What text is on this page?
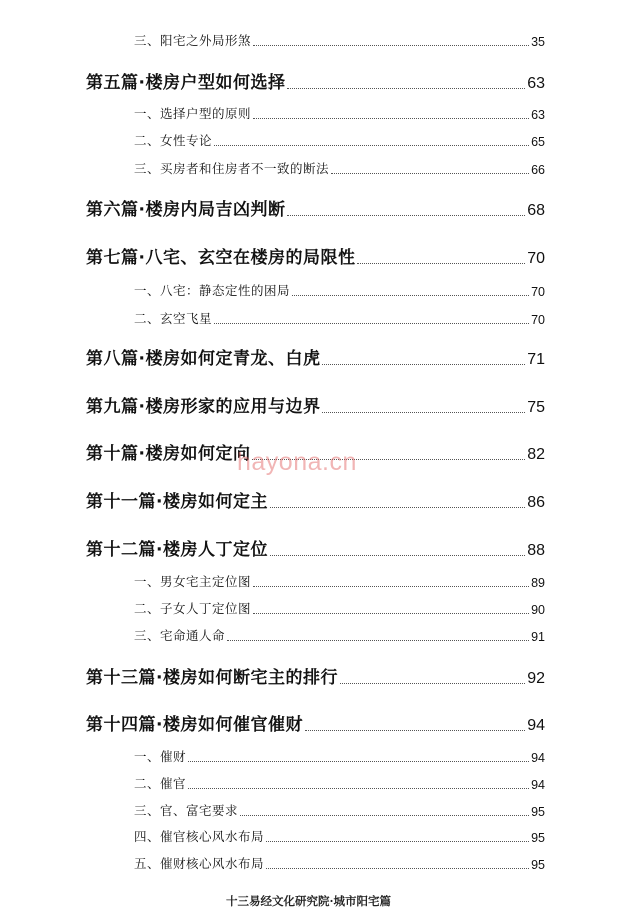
三、阳宅之外局形煞	35
第五篇·楼房户型如何选择	63
一、选择户型的原则	63
二、女性专论	65
三、买房者和住房者不一致的断法	66
第六篇·楼房内局吉凶判断	68
第七篇·八宅、玄空在楼房的局限性	70
一、八宅：静态定性的困局	70
二、玄空飞星	70
第八篇·楼房如何定青龙、白虎	71
第九篇·楼房形家的应用与边界	75
第十篇·楼房如何定向	82
第十一篇·楼房如何定主	86
第十二篇·楼房人丁定位	88
一、男女宅主定位图	89
二、子女人丁定位图	90
三、宅命通人命	91
第十三篇·楼房如何断宅主的排行	92
第十四篇·楼房如何催官催财	94
一、催财	94
二、催官	94
三、官、富宅要求	95
四、催官核心风水布局	95
五、催财核心风水布局	95
hayona.cn
十三易经文化研究院·城市阳宅篇
